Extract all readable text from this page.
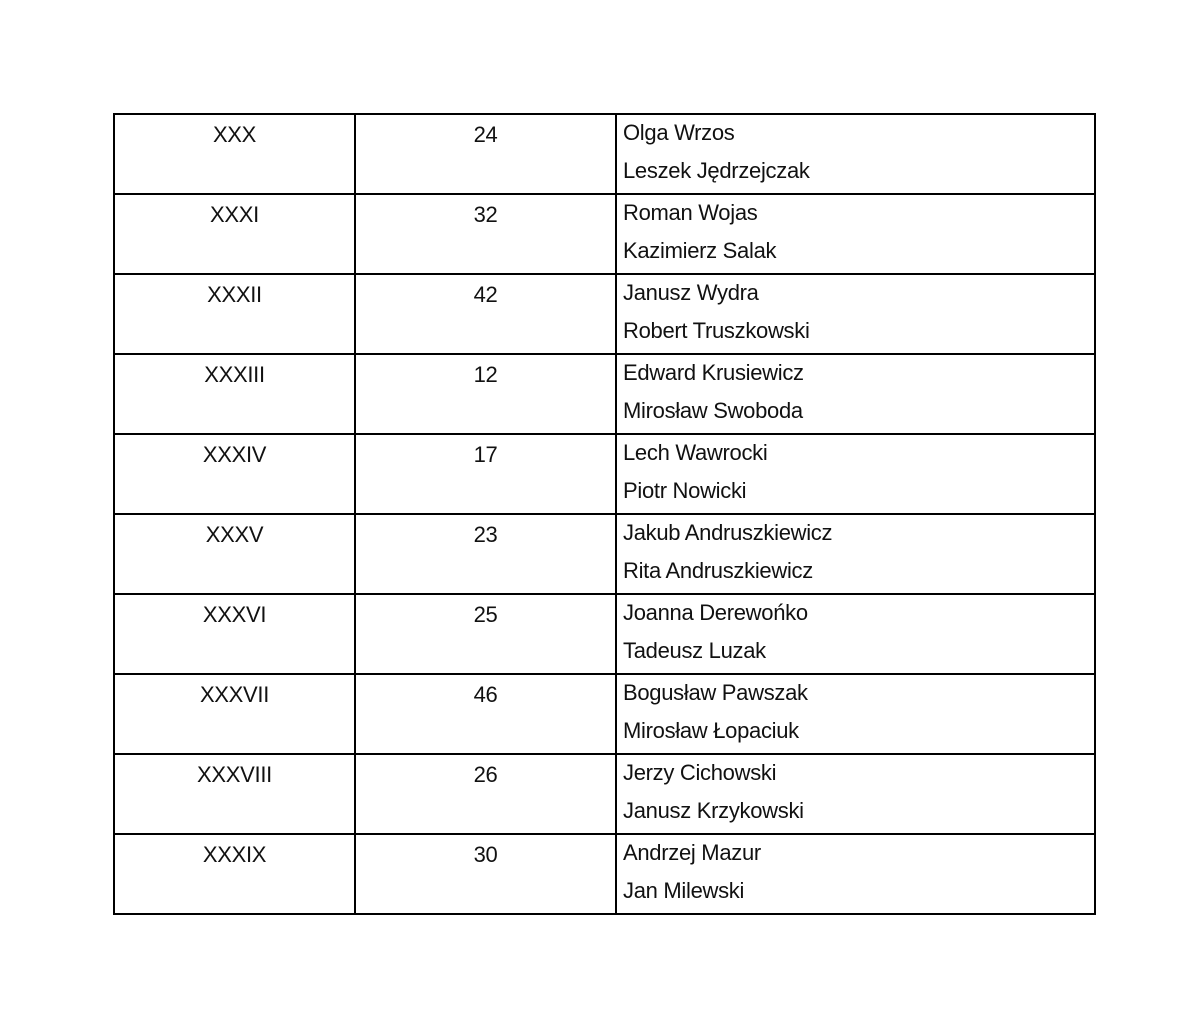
XXX	24	Olga Wrzos
Leszek Jędrzejczak

XXXI	32	Roman Wojas
Kazimierz Salak

XXXII	42	Janusz Wydra
Robert Truszkowski

XXXIII	12	Edward Krusiewicz
Mirosław Swoboda

XXXIV	17	Lech Wawrocki
Piotr Nowicki

XXXV	23	Jakub Andruszkiewicz
Rita Andruszkiewicz

XXXVI	25	Joanna Derewońko
Tadeusz Luzak

XXXVII	46	Bogusław Pawszak
Mirosław Łopaciuk

XXXVIII	26	Jerzy Cichowski
Janusz Krzykowski

XXXIX	30	Andrzej Mazur
Jan Milewski
